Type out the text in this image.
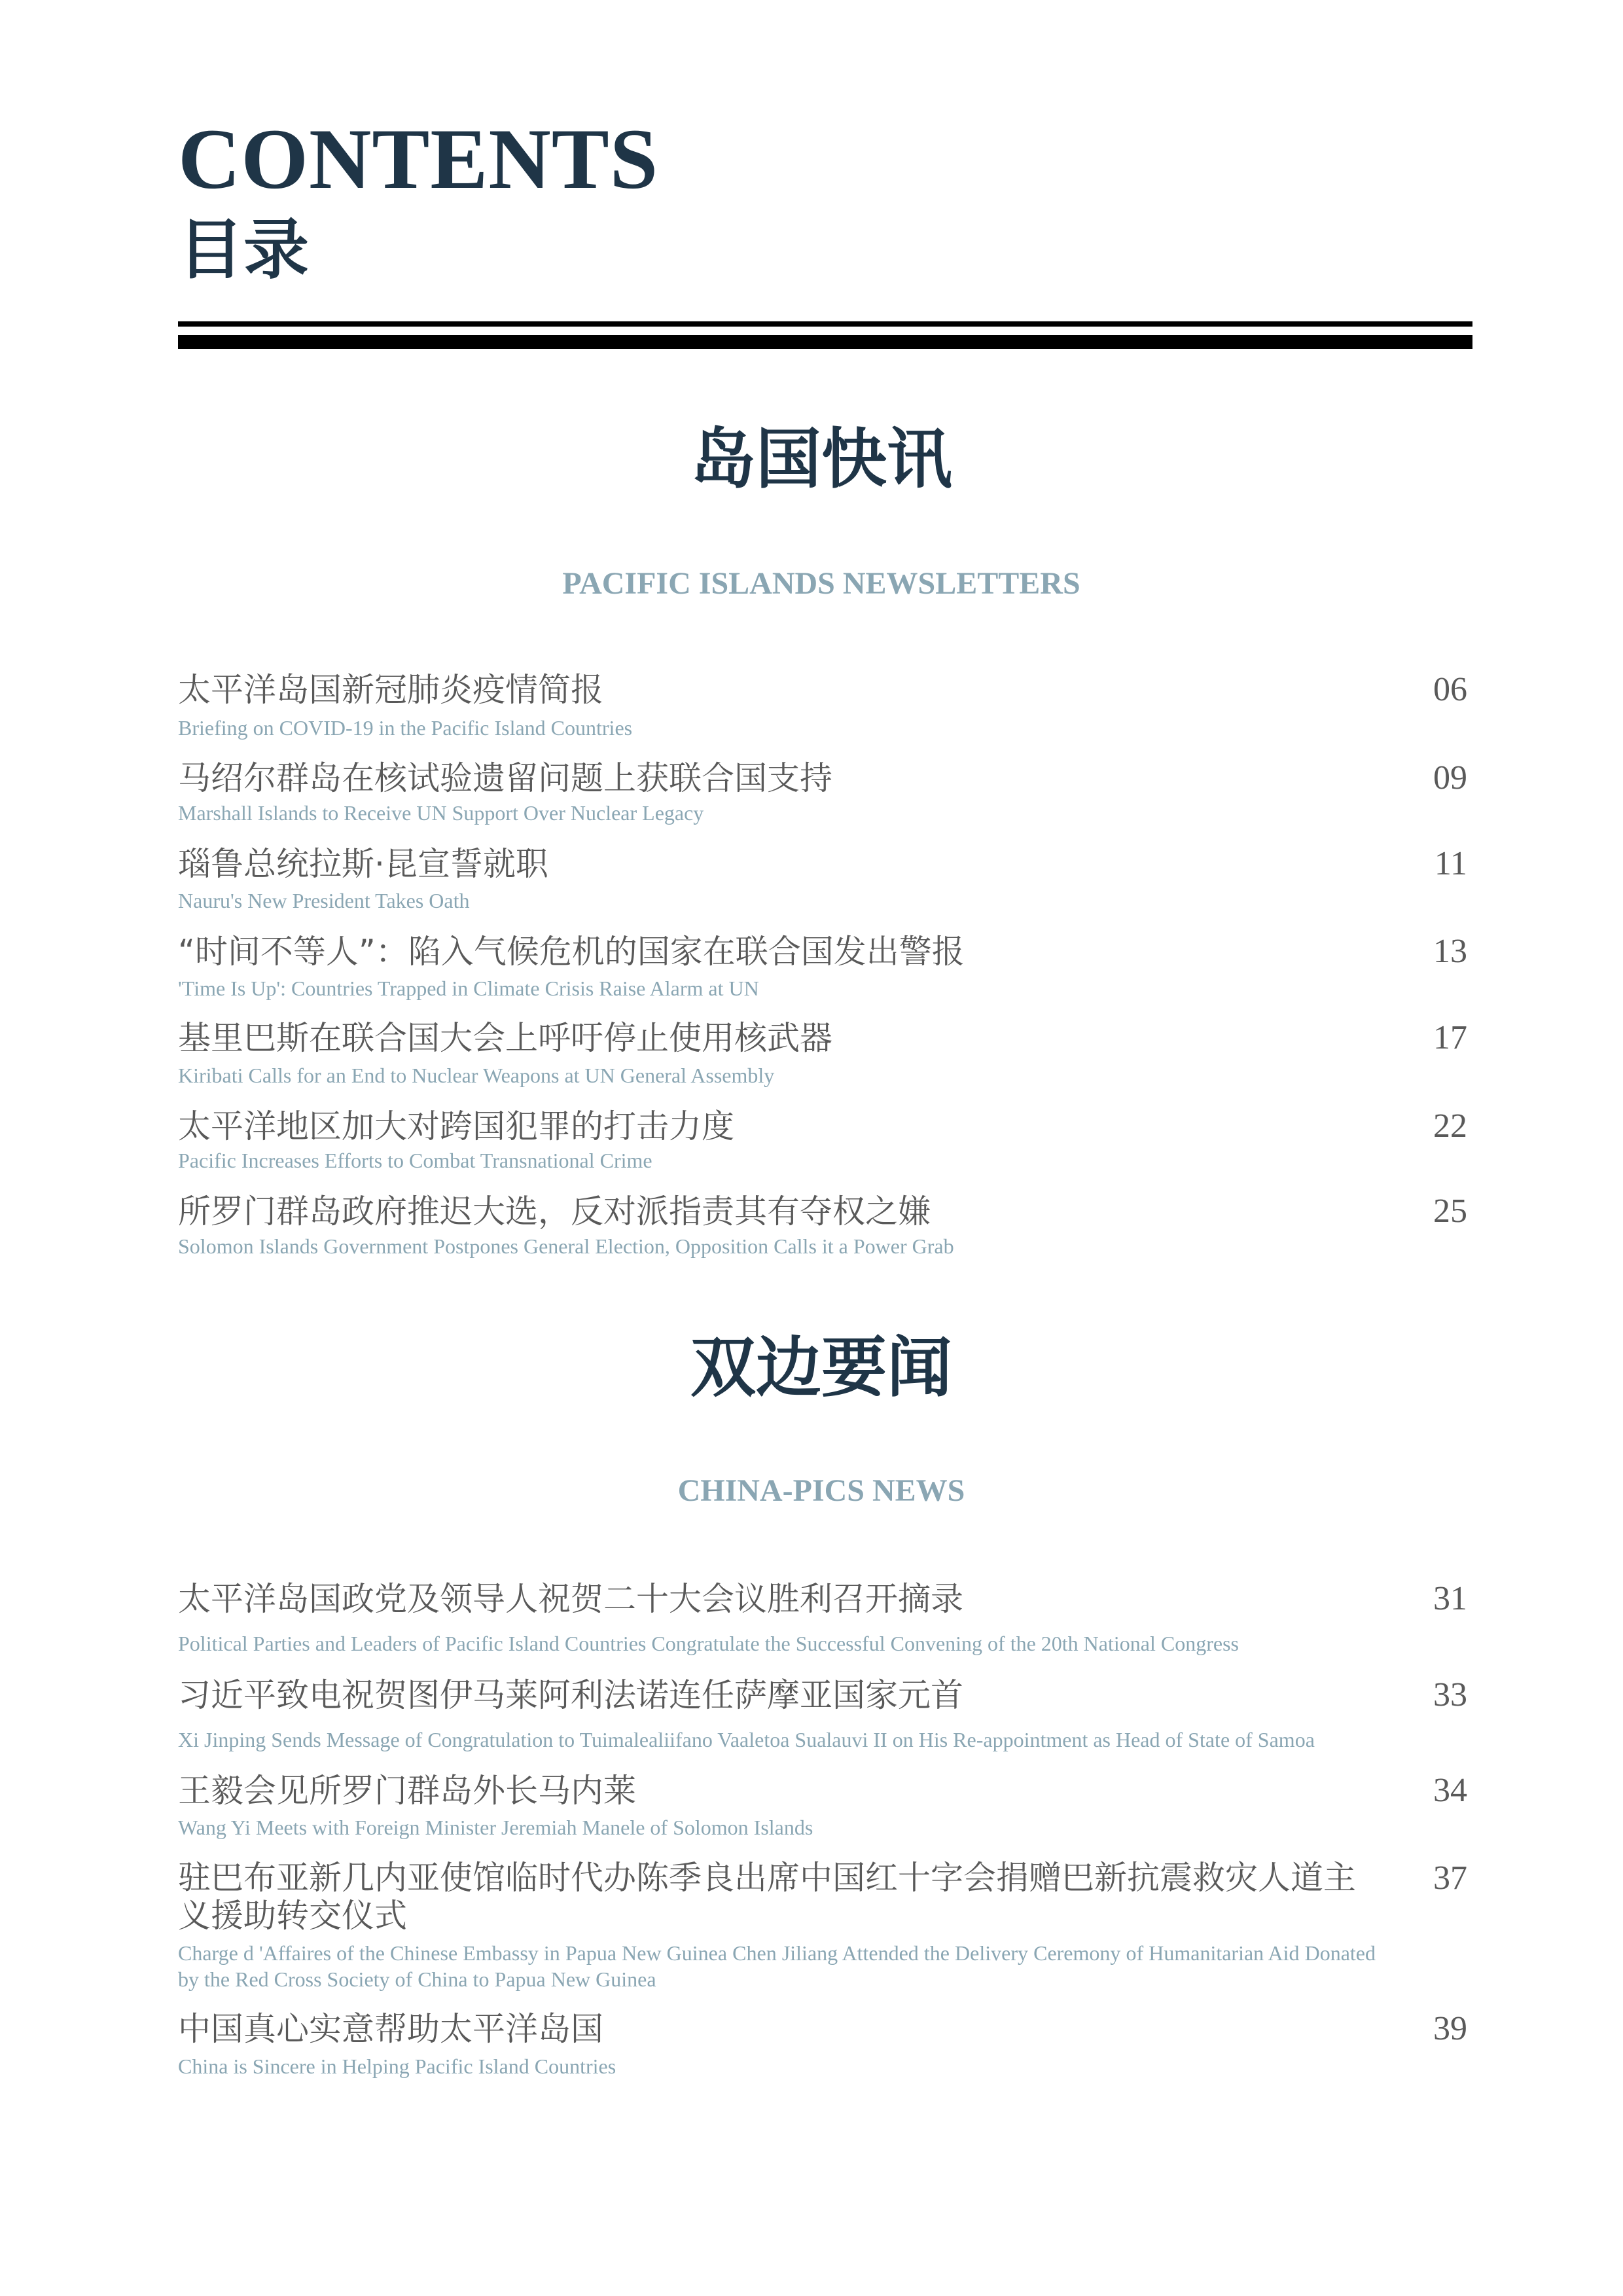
CONTENTS
目录
岛国快讯
PACIFIC ISLANDS NEWSLETTERS
太平洋岛国新冠肺炎疫情简报
Briefing on COVID-19 in the Pacific Island Countries
06
马绍尔群岛在核试验遗留问题上获联合国支持
Marshall Islands to Receive UN Support Over Nuclear Legacy
09
瑙鲁总统拉斯·昆宣誓就职
Nauru's New President Takes Oath
11
“时间不等人”：陷入气候危机的国家在联合国发出警报
'Time Is Up': Countries Trapped in Climate Crisis Raise Alarm at UN
13
基里巴斯在联合国大会上呼吁停止使用核武器
Kiribati Calls for an End to Nuclear Weapons at UN General Assembly
17
太平洋地区加大对跨国犯罪的打击力度
Pacific Increases Efforts to Combat Transnational Crime
22
所罗门群岛政府推迟大选，反对派指责其有夺权之嫌
Solomon Islands Government Postpones General Election, Opposition Calls it a Power Grab
25
双边要闻
CHINA-PICS NEWS
太平洋岛国政党及领导人祝贺二十大会议胜利召开摘录
Political Parties and Leaders of Pacific Island Countries Congratulate the Successful Convening of the 20th National Congress
31
习近平致电祝贺图伊马莱阿利法诺连任萨摩亚国家元首
Xi Jinping Sends Message of Congratulation to Tuimalealiifano Vaaletoa Sualauvi II on His Re-appointment as Head of State of Samoa
33
王毅会见所罗门群岛外长马内莱
Wang Yi Meets with Foreign Minister Jeremiah Manele of Solomon Islands
34
驻巴布亚新几内亚使馆临时代办陈季良出席中国红十字会捐赠巴新抗震救灾人道主义援助转交仪式
Charge d 'Affaires of the Chinese Embassy in Papua New Guinea Chen Jiliang Attended the Delivery Ceremony of Humanitarian Aid Donated by the Red Cross Society of China to Papua New Guinea
37
中国真心实意帮助太平洋岛国
China is Sincere in Helping Pacific Island Countries
39
